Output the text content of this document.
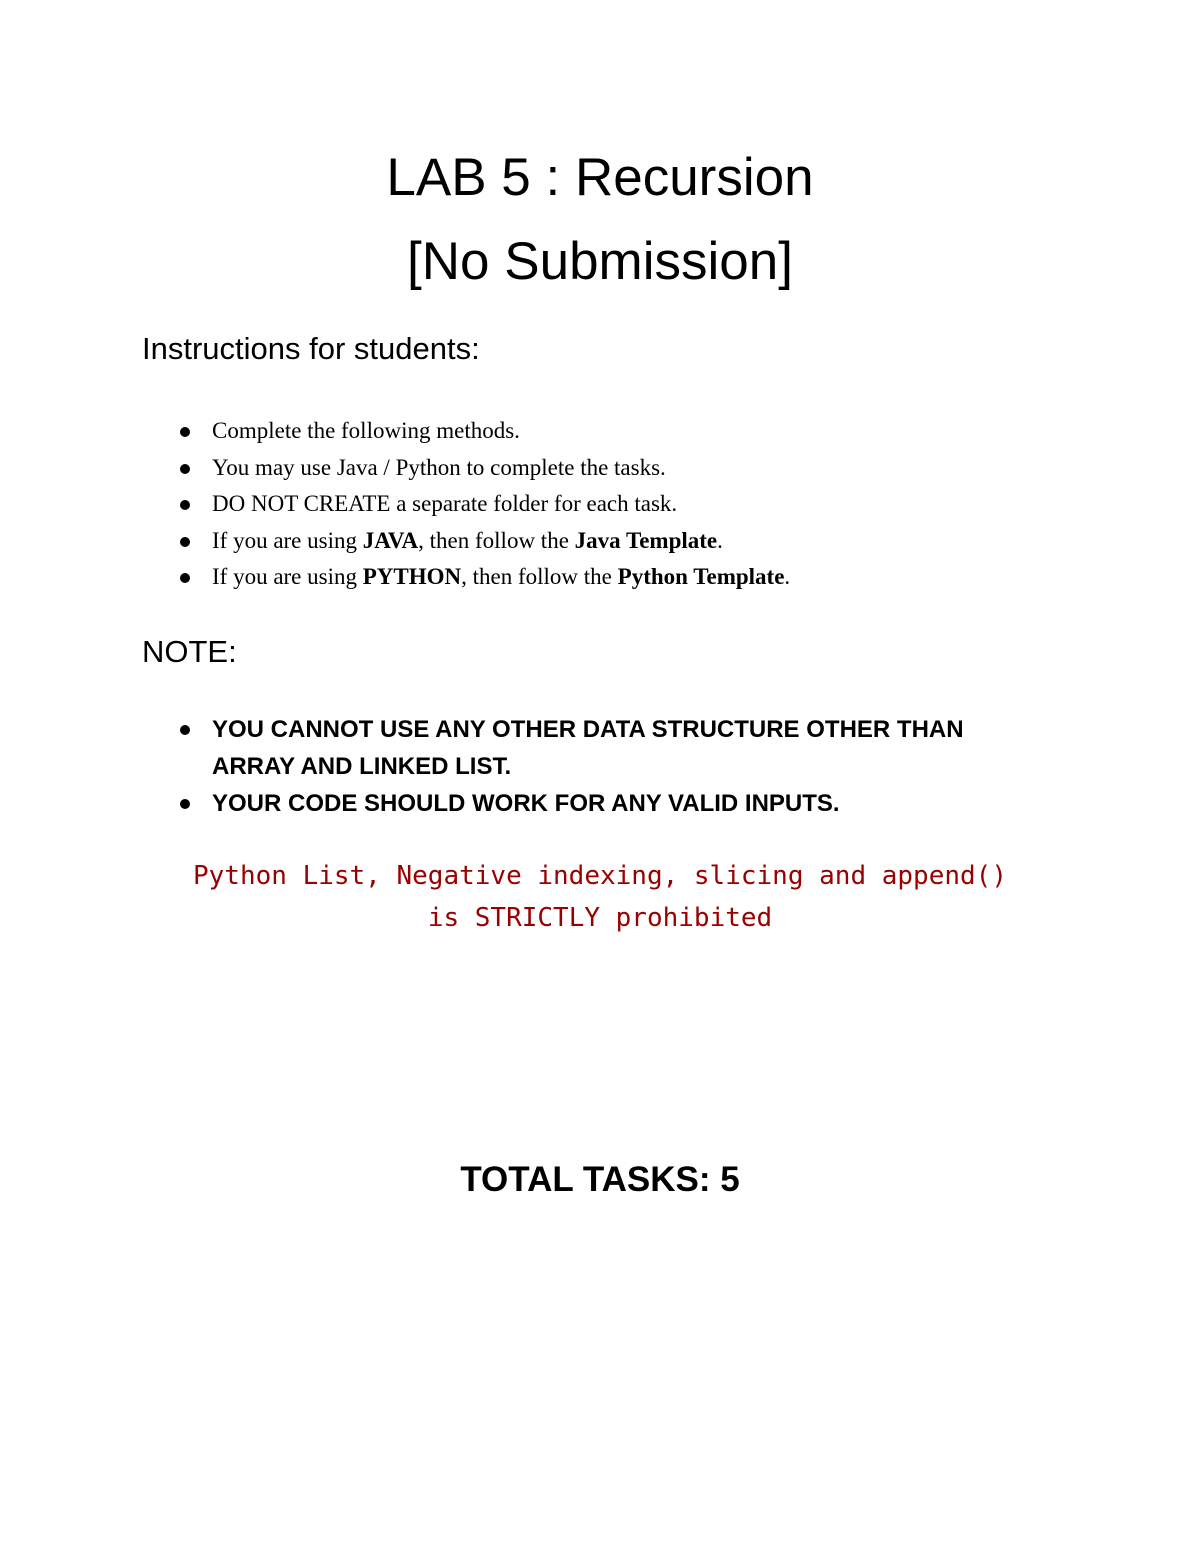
LAB 5 : Recursion
[No Submission]
Instructions for students:
Complete the following methods.
You may use Java / Python to complete the tasks.
DO NOT CREATE a separate folder for each task.
If you are using JAVA, then follow the Java Template.
If you are using PYTHON, then follow the Python Template.
NOTE:
YOU CANNOT USE ANY OTHER DATA STRUCTURE OTHER THAN ARRAY AND LINKED LIST.
YOUR CODE SHOULD WORK FOR ANY VALID INPUTS.

Python List, Negative indexing, slicing and append()
is STRICTLY prohibited

TOTAL TASKS: 5
